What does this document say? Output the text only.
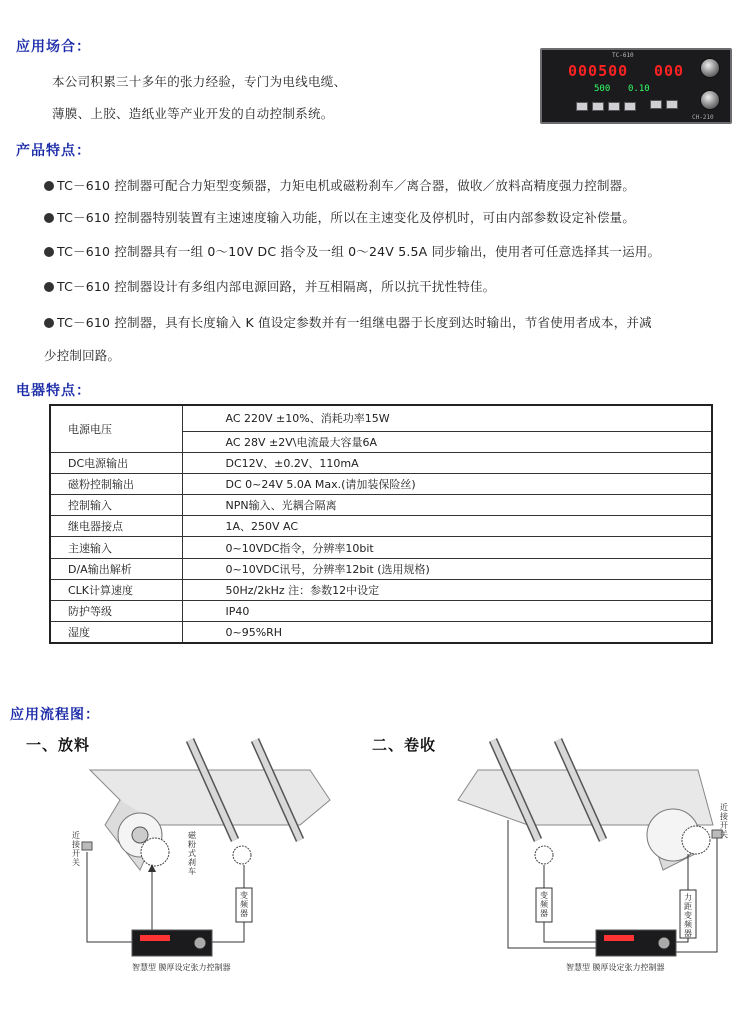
应用场合：
本公司积累三十多年的张力经验，专门为电线电缆、
薄膜、上胶、造纸业等产业开发的自动控制系统。
TC-610
000500 000
500 0.10
CH-210
产品特点：
TC－610 控制器可配合力矩型变频器，力矩电机或磁粉刹车／离合器，做收／放料高精度强力控制器。
TC－610 控制器特别装置有主速速度输入功能，所以在主速变化及停机时，可由内部参数设定补偿量。
TC－610 控制器具有一组 0～10V DC 指令及一组 0～24V 5.5A 同步输出，使用者可任意选择其一运用。
TC－610 控制器设计有多组内部电源回路，并互相隔离，所以抗干扰性特佳。
TC－610 控制器，具有长度输入 K 值设定参数并有一组继电器于长度到达时输出，节省使用者成本，并减
少控制回路。
电器特点：
电源电压	AC 220V ±10%、消耗功率15W
	AC 28V ±2V\电流最大容量6A
DC电源输出	DC12V、±0.2V、110mA
磁粉控制输出	DC 0~24V 5.0A Max.(请加装保险丝)
控制输入	NPN输入、光耦合隔离
继电器接点	1A、250V AC
主速输入	0~10VDC指令，分辨率10bit
D/A输出解析	0~10VDC讯号，分辨率12bit (选用规格)
CLK计算速度	50Hz/2kHz 注：参数12中设定
防护等级	IP40
湿度	0~95%RH
应用流程图：
一、放料	二、卷收
近接开关
磁粉式刹车
变频器
智慧型 膜厚设定张力控制器
近接开关
变频器
力距变频器
智慧型 膜厚设定张力控制器
